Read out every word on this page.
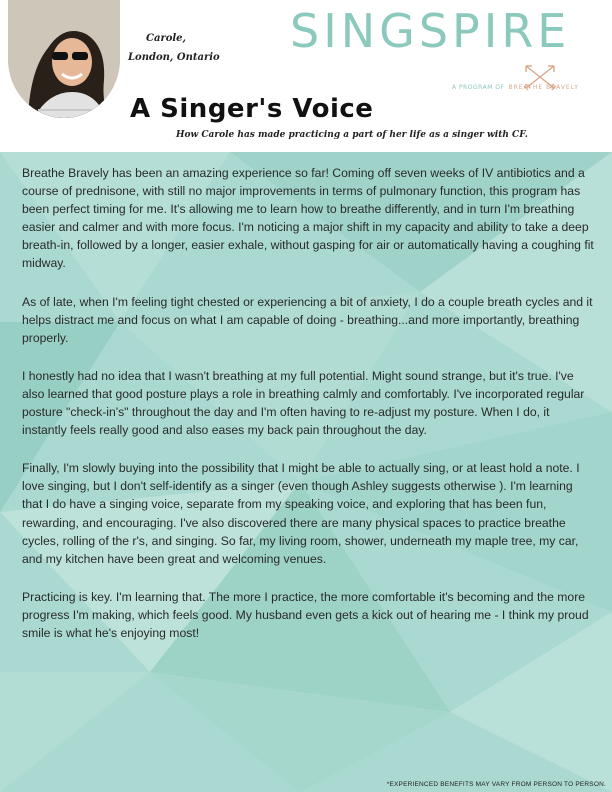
Carole,
London, Ontario SINGSPIRE
A PROGRAM OF BREATHE BRAVELY
A Singer's Voice
How Carole has made practicing a part of her life as a singer with CF.

Breathe Bravely has been an amazing experience so far! Coming off seven weeks of IV antibiotics and a course of prednisone, with still no major improvements in terms of pulmonary function, this program has been perfect timing for me. It's allowing me to learn how to breathe differently, and in turn I'm breathing easier and calmer and with more focus. I'm noticing a major shift in my capacity and ability to take a deep breath-in, followed by a longer, easier exhale, without gasping for air or automatically having a coughing fit midway.

As of late, when I'm feeling tight chested or experiencing a bit of anxiety, I do a couple breath cycles and it helps distract me and focus on what I am capable of doing - breathing...and more importantly, breathing properly.

I honestly had no idea that I wasn't breathing at my full potential. Might sound strange, but it's true. I've also learned that good posture plays a role in breathing calmly and comfortably. I've incorporated regular posture "check-in's" throughout the day and I'm often having to re-adjust my posture. When I do, it instantly feels really good and also eases my back pain throughout the day.

Finally, I'm slowly buying into the possibility that I might be able to actually sing, or at least hold a note. I love singing, but I don't self-identify as a singer (even though Ashley suggests otherwise ). I'm learning that I do have a singing voice, separate from my speaking voice, and exploring that has been fun, rewarding, and encouraging. I've also discovered there are many physical spaces to practice breathe cycles, rolling of the r's, and singing. So far, my living room, shower, underneath my maple tree, my car, and my kitchen have been great and welcoming venues.

Practicing is key. I'm learning that. The more I practice, the more comfortable it's becoming and the more progress I'm making, which feels good. My husband even gets a kick out of hearing me - I think my proud smile is what he's enjoying most!

*EXPERIENCED BENEFITS MAY VARY FROM PERSON TO PERSON.
